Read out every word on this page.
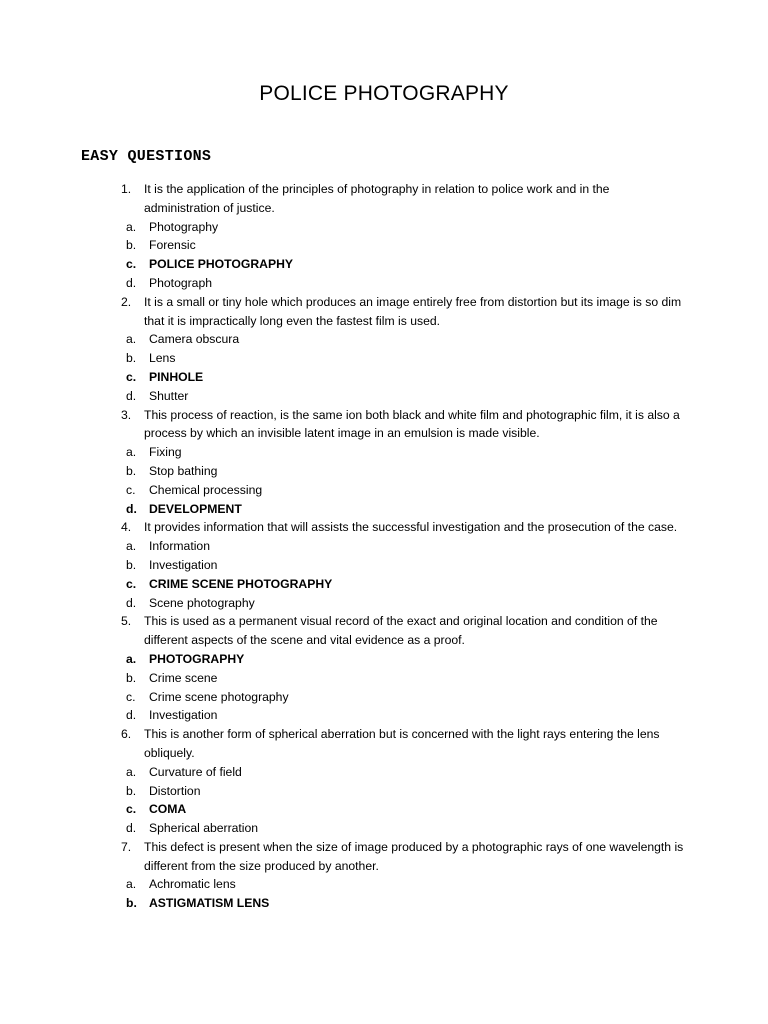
POLICE PHOTOGRAPHY
EASY QUESTIONS
1. It is the application of the principles of photography in relation to police work and in the administration of justice.
a. Photography
b. Forensic
c. POLICE PHOTOGRAPHY
d. Photograph
2. It is a small or tiny hole which produces an image entirely free from distortion but its image is so dim that it is impractically long even the fastest film is used.
a. Camera obscura
b. Lens
c. PINHOLE
d. Shutter
3. This process of reaction, is the same ion both black and white film and photographic film, it is also a process by which an invisible latent image in an emulsion is made visible.
a. Fixing
b. Stop bathing
c. Chemical processing
d. DEVELOPMENT
4. It provides information that will assists the successful investigation and the prosecution of the case.
a. Information
b. Investigation
c. CRIME SCENE PHOTOGRAPHY
d. Scene photography
5. This is used as a permanent visual record of the exact and original location and condition of the different aspects of the scene and vital evidence as a proof.
a. PHOTOGRAPHY
b. Crime scene
c. Crime scene photography
d. Investigation
6. This is another form of spherical aberration but is concerned with the light rays entering the lens obliquely.
a. Curvature of field
b. Distortion
c. COMA
d. Spherical aberration
7. This defect is present when the size of image produced by a photographic rays of one wavelength is different from the size produced by another.
a. Achromatic lens
b. ASTIGMATISM LENS
